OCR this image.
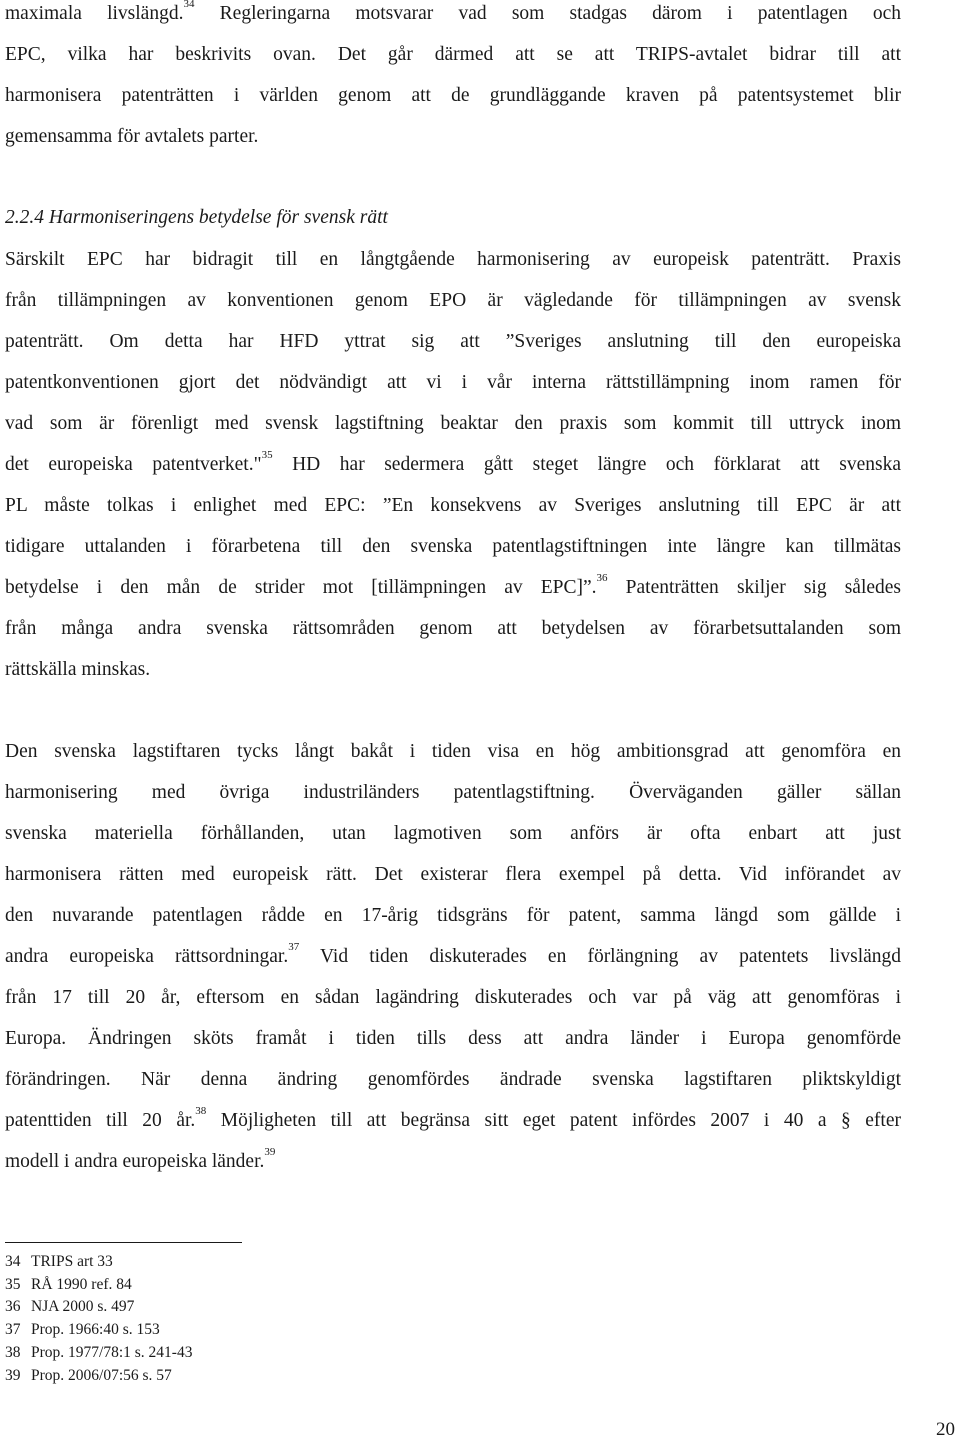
maximala livslängd.$^{34}$ Regleringarna motsvarar vad som stadgas därom i patentlagen och
EPC, vilka har beskrivits ovan. Det går därmed att se att TRIPS-avtalet bidrar till att
harmonisera patenträtten i världen genom att de grundläggande kraven på patentsystemet blir
gemensamma för avtalets parter.
2.2.4 Harmoniseringens betydelse för svensk rätt
Särskilt EPC har bidragit till en långtgående harmonisering av europeisk patenträtt. Praxis
från tillämpningen av konventionen genom EPO är vägledande för tillämpningen av svensk
patenträtt. Om detta har HFD yttrat sig att ”Sveriges anslutning till den europeiska
patentkonventionen gjort det nödvändigt att vi i vår interna rättstillämpning inom ramen för
vad som är förenligt med svensk lagstiftning beaktar den praxis som kommit till uttryck inom
det europeiska patentverket."$^{35}$ HD har sedermera gått steget längre och förklarat att svenska
PL måste tolkas i enlighet med EPC: ”En konsekvens av Sveriges anslutning till EPC är att
tidigare uttalanden i förarbetena till den svenska patentlagstiftningen inte längre kan tillmätas
betydelse i den mån de strider mot [tillämpningen av EPC]”.$^{36}$ Patenträtten skiljer sig således
från många andra svenska rättsområden genom att betydelsen av förarbetsuttalanden som
rättskälla minskas.
Den svenska lagstiftaren tycks långt bakåt i tiden visa en hög ambitionsgrad att genomföra en
harmonisering med övriga industriländers patentlagstiftning. Överväganden gäller sällan
svenska materiella förhållanden, utan lagmotiven som anförs är ofta enbart att just
harmonisera rätten med europeisk rätt. Det existerar flera exempel på detta. Vid införandet av
den nuvarande patentlagen rådde en 17-årig tidsgräns för patent, samma längd som gällde i
andra europeiska rättsordningar.$^{37}$ Vid tiden diskuterades en förlängning av patentets livslängd
från 17 till 20 år, eftersom en sådan lagändring diskuterades och var på väg att genomföras i
Europa. Ändringen sköts framåt i tiden tills dess att andra länder i Europa genomförde
förändringen. När denna ändring genomfördes ändrade svenska lagstiftaren pliktskyldigt
patenttiden till 20 år.$^{38}$ Möjligheten till att begränsa sitt eget patent infördes 2007 i 40 a § efter
modell i andra europeiska länder.$^{39}$
34 TRIPS art 33
35 RÅ 1990 ref. 84
36 NJA 2000 s. 497
37 Prop. 1966:40 s. 153
38 Prop. 1977/78:1 s. 241-43
39 Prop. 2006/07:56 s. 57
20
